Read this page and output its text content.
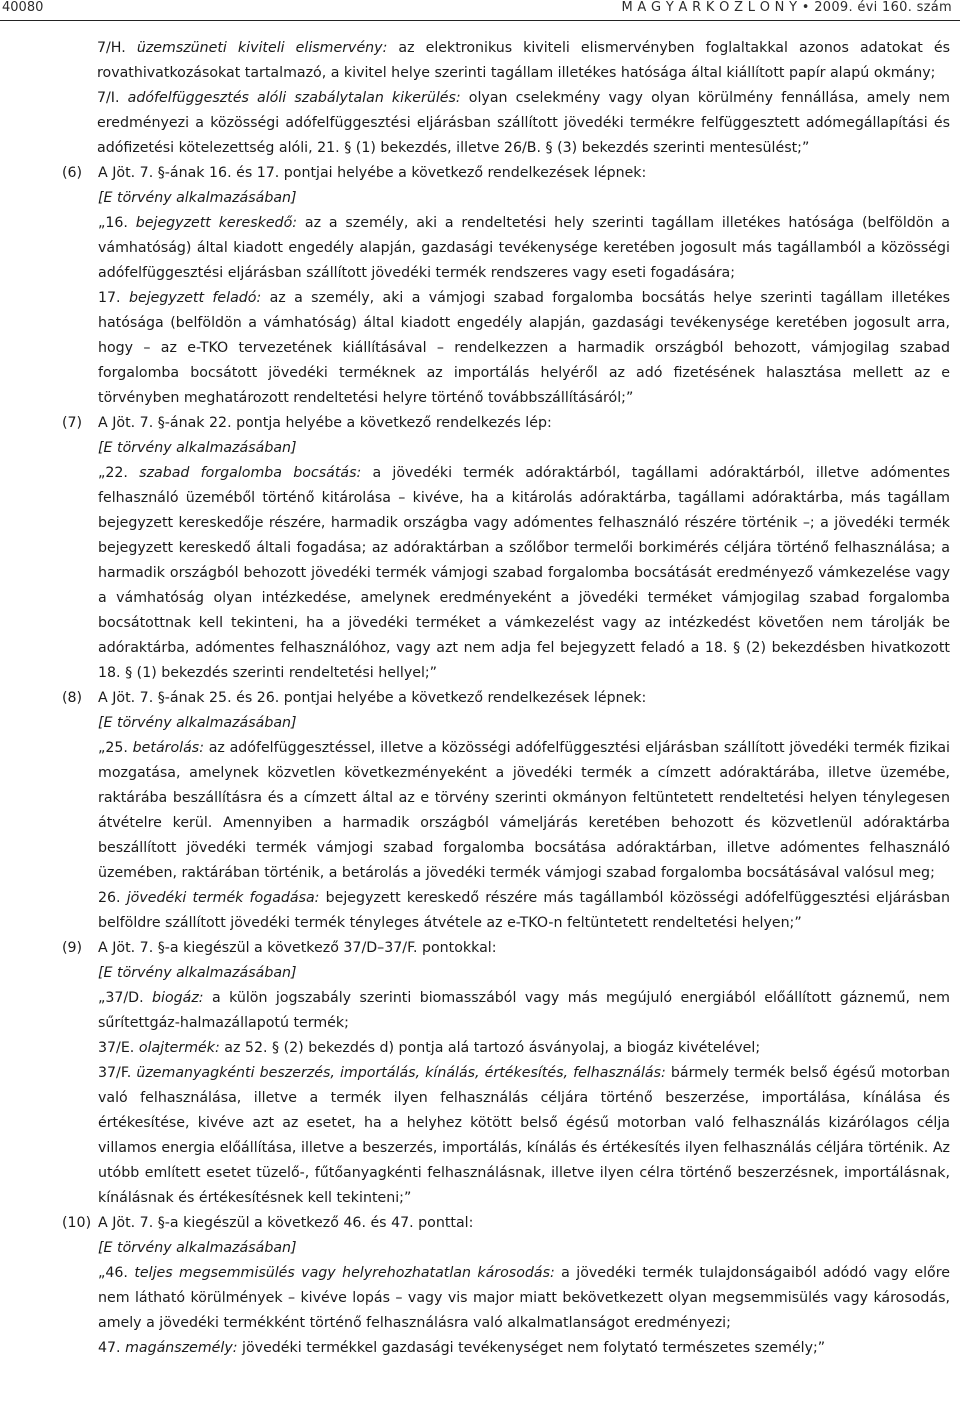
40080	M A G Y A R K Ö Z L Ö N Y • 2009. évi 160. szám

7/H. üzemszüneti kiviteli elismervény: az elektronikus kiviteli elismervényben foglaltakkal azonos adatokat és rovathivatkozásokat tartalmazó, a kivitel helye szerinti tagállam illetékes hatósága által kiállított papír alapú okmány;

7/I. adófelfüggesztés alóli szabálytalan kikerülés: olyan cselekmény vagy olyan körülmény fennállása, amely nem eredményezi a közösségi adófelfüggesztési eljárásban szállított jövedéki termékre felfüggesztett adómegállapítási és adófizetési kötelezettség alóli, 21. § (1) bekezdés, illetve 26/B. § (3) bekezdés szerinti mentesülést;”

(6) A Jöt. 7. §-ának 16. és 17. pontjai helyébe a következő rendelkezések lépnek:

[E törvény alkalmazásában]

„16. bejegyzett kereskedő: az a személy, aki a rendeltetési hely szerinti tagállam illetékes hatósága (belföldön a vámhatóság) által kiadott engedély alapján, gazdasági tevékenysége keretében jogosult más tagállamból a közösségi adófelfüggesztési eljárásban szállított jövedéki termék rendszeres vagy eseti fogadására;

17. bejegyzett feladó: az a személy, aki a vámjogi szabad forgalomba bocsátás helye szerinti tagállam illetékes hatósága (belföldön a vámhatóság) által kiadott engedély alapján, gazdasági tevékenysége keretében jogosult arra, hogy – az e-TKO tervezetének kiállításával – rendelkezzen a harmadik országból behozott, vámjogilag szabad forgalomba bocsátott jövedéki terméknek az importálás helyéről az adó fizetésének halasztása mellett az e törvényben meghatározott rendeltetési helyre történő továbbszállításáról;”

(7) A Jöt. 7. §-ának 22. pontja helyébe a következő rendelkezés lép:

[E törvény alkalmazásában]

„22. szabad forgalomba bocsátás: a jövedéki termék adóraktárból, tagállami adóraktárból, illetve adómentes felhasználó üzeméből történő kitárolása – kivéve, ha a kitárolás adóraktárba, tagállami adóraktárba, más tagállam bejegyzett kereskedője részére, harmadik országba vagy adómentes felhasználó részére történik –; a jövedéki termék bejegyzett kereskedő általi fogadása; az adóraktárban a szőlőbor termelői borkimérés céljára történő felhasználása; a harmadik országból behozott jövedéki termék vámjogi szabad forgalomba bocsátását eredményező vámkezelése vagy a vámhatóság olyan intézkedése, amelynek eredményeként a jövedéki terméket vámjogilag szabad forgalomba bocsátottnak kell tekinteni, ha a jövedéki terméket a vámkezelést vagy az intézkedést követően nem tárolják be adóraktárba, adómentes felhasználóhoz, vagy azt nem adja fel bejegyzett feladó a 18. § (2) bekezdésben hivatkozott 18. § (1) bekezdés szerinti rendeltetési hellyel;”

(8) A Jöt. 7. §-ának 25. és 26. pontjai helyébe a következő rendelkezések lépnek:

[E törvény alkalmazásában]

„25. betárolás: az adófelfüggesztéssel, illetve a közösségi adófelfüggesztési eljárásban szállított jövedéki termék fizikai mozgatása, amelynek közvetlen következményeként a jövedéki termék a címzett adóraktárába, illetve üzemébe, raktárába beszállításra és a címzett által az e törvény szerinti okmányon feltüntetett rendeltetési helyen ténylegesen átvételre kerül. Amennyiben a harmadik országból vámeljárás keretében behozott és közvetlenül adóraktárba beszállított jövedéki termék vámjogi szabad forgalomba bocsátása adóraktárban, illetve adómentes felhasználó üzemében, raktárában történik, a betárolás a jövedéki termék vámjogi szabad forgalomba bocsátásával valósul meg;

26. jövedéki termék fogadása: bejegyzett kereskedő részére más tagállamból közösségi adófelfüggesztési eljárásban belföldre szállított jövedéki termék tényleges átvétele az e-TKO-n feltüntetett rendeltetési helyen;”

(9) A Jöt. 7. §-a kiegészül a következő 37/D–37/F. pontokkal:

[E törvény alkalmazásában]

„37/D. biogáz: a külön jogszabály szerinti biomasszából vagy más megújuló energiából előállított gáznemű, nem sűrítettgáz-halmazállapotú termék;

37/E. olajtermék: az 52. § (2) bekezdés d) pontja alá tartozó ásványolaj, a biogáz kivételével;

37/F. üzemanyagkénti beszerzés, importálás, kínálás, értékesítés, felhasználás: bármely termék belső égésű motorban való felhasználása, illetve a termék ilyen felhasználás céljára történő beszerzése, importálása, kínálása és értékesítése, kivéve azt az esetet, ha a helyhez kötött belső égésű motorban való felhasználás kizárólagos célja villamos energia előállítása, illetve a beszerzés, importálás, kínálás és értékesítés ilyen felhasználás céljára történik. Az utóbb említett esetet tüzelő-, fűtőanyagkénti felhasználásnak, illetve ilyen célra történő beszerzésnek, importálásnak, kínálásnak és értékesítésnek kell tekinteni;”

(10) A Jöt. 7. §-a kiegészül a következő 46. és 47. ponttal:

[E törvény alkalmazásában]

„46. teljes megsemmisülés vagy helyrehozhatatlan károsodás: a jövedéki termék tulajdonságaiból adódó vagy előre nem látható körülmények – kivéve lopás – vagy vis major miatt bekövetkezett olyan megsemmisülés vagy károsodás, amely a jövedéki termékként történő felhasználásra való alkalmatlanságot eredményezi;

47. magánszemély: jövedéki termékkel gazdasági tevékenységet nem folytató természetes személy;”
